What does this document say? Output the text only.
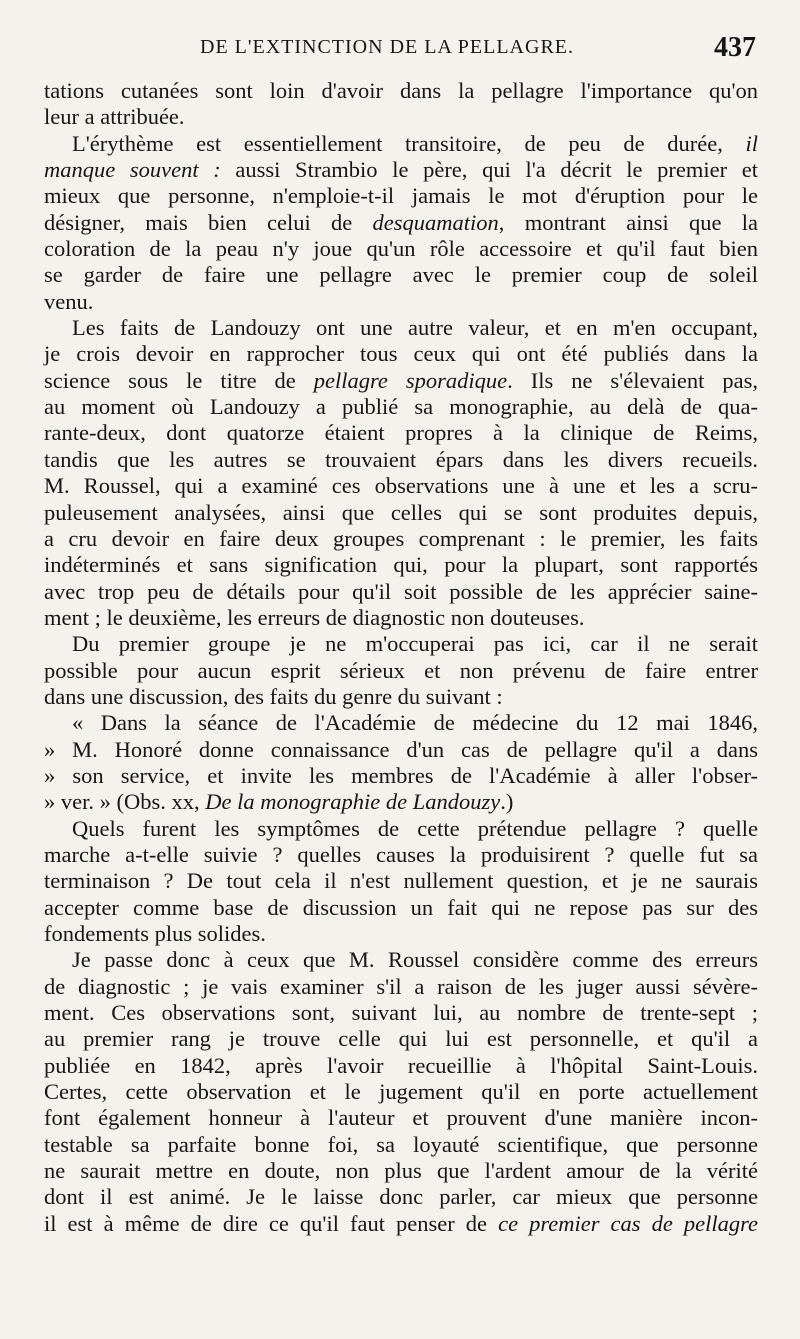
DE L'EXTINCTION DE LA PELLAGRE.	437

tations cutanées sont loin d'avoir dans la pellagre l'importance qu'on

leur a attribuée.

L'érythème est essentiellement transitoire, de peu de durée, il

manque souvent : aussi Strambio le père, qui l'a décrit le premier et

mieux que personne, n'emploie-t-il jamais le mot d'éruption pour le

désigner, mais bien celui de desquamation, montrant ainsi que la

coloration de la peau n'y joue qu'un rôle accessoire et qu'il faut bien

se garder de faire une pellagre avec le premier coup de soleil

venu.

Les faits de Landouzy ont une autre valeur, et en m'en occupant,

je crois devoir en rapprocher tous ceux qui ont été publiés dans la

science sous le titre de pellagre sporadique. Ils ne s'élevaient pas,

au moment où Landouzy a publié sa monographie, au delà de qua-

rante-deux, dont quatorze étaient propres à la clinique de Reims,

tandis que les autres se trouvaient épars dans les divers recueils.

M. Roussel, qui a examiné ces observations une à une et les a scru-

puleusement analysées, ainsi que celles qui se sont produites depuis,

a cru devoir en faire deux groupes comprenant : le premier, les faits

indéterminés et sans signification qui, pour la plupart, sont rapportés

avec trop peu de détails pour qu'il soit possible de les apprécier saine-

ment ; le deuxième, les erreurs de diagnostic non douteuses.

Du premier groupe je ne m'occuperai pas ici, car il ne serait

possible pour aucun esprit sérieux et non prévenu de faire entrer

dans une discussion, des faits du genre du suivant :

« Dans la séance de l'Académie de médecine du 12 mai 1846,

» M. Honoré donne connaissance d'un cas de pellagre qu'il a dans

» son service, et invite les membres de l'Académie à aller l'obser-

» ver. » (Obs. xx, De la monographie de Landouzy.)

Quels furent les symptômes de cette prétendue pellagre ? quelle

marche a-t-elle suivie ? quelles causes la produisirent ? quelle fut sa

terminaison ? De tout cela il n'est nullement question, et je ne saurais

accepter comme base de discussion un fait qui ne repose pas sur des

fondements plus solides.

Je passe donc à ceux que M. Roussel considère comme des erreurs

de diagnostic ; je vais examiner s'il a raison de les juger aussi sévère-

ment. Ces observations sont, suivant lui, au nombre de trente-sept ;

au premier rang je trouve celle qui lui est personnelle, et qu'il a

publiée en 1842, après l'avoir recueillie à l'hôpital Saint-Louis.

Certes, cette observation et le jugement qu'il en porte actuellement

font également honneur à l'auteur et prouvent d'une manière incon-

testable sa parfaite bonne foi, sa loyauté scientifique, que personne

ne saurait mettre en doute, non plus que l'ardent amour de la vérité

dont il est animé. Je le laisse donc parler, car mieux que personne

il est à même de dire ce qu'il faut penser de ce premier cas de pellagre
